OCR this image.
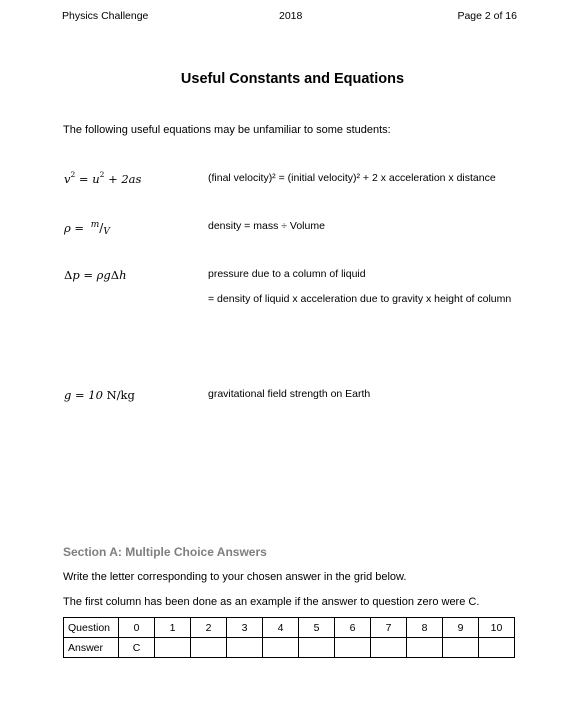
Physics Challenge	2018	Page 2 of 16
Useful Constants and Equations
The following useful equations may be unfamiliar to some students:
$v^2 = u^2 + 2as$	(final velocity)² = (initial velocity)² + 2 x acceleration x distance
ρ = $^m$/V	density = mass ÷ Volume
Δp = ρgΔh	pressure due to a column of liquid
= density of liquid x acceleration due to gravity x height of column
g = 10 N/kg	gravitational field strength on Earth
Section A: Multiple Choice Answers
Write the letter corresponding to your chosen answer in the grid below.
The first column has been done as an example if the answer to question zero were C.
Question	0	1	2	3	4	5	6	7	8	9	10
Answer	C										
